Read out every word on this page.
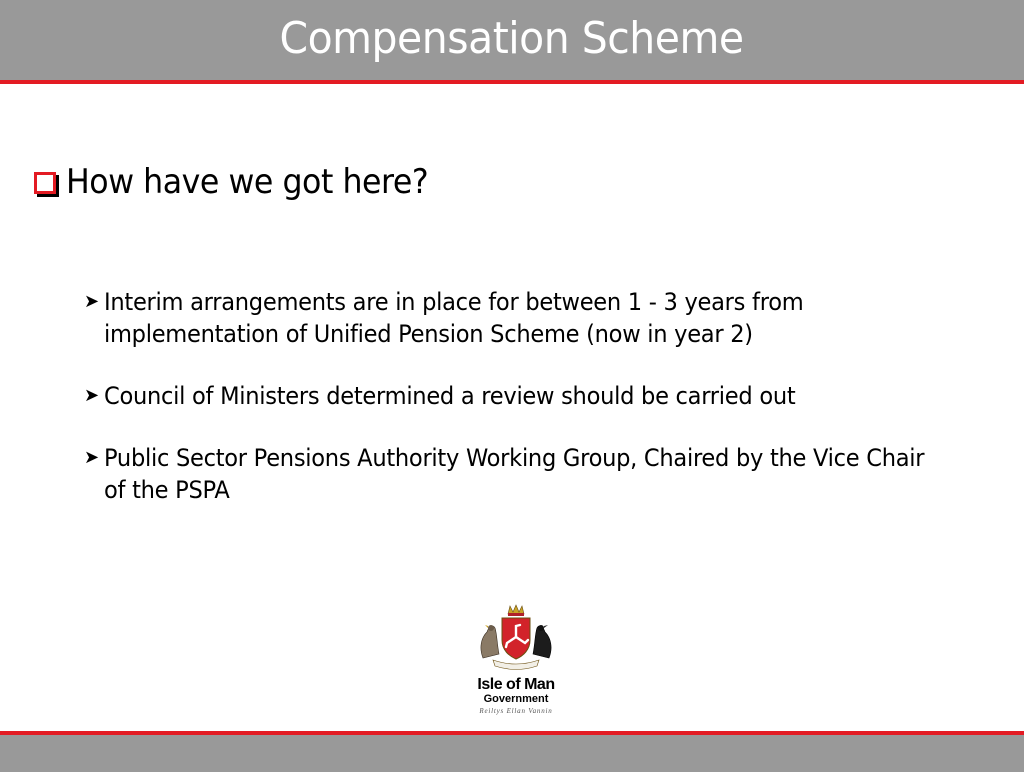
Compensation Scheme
How have we got here?
➤ Interim arrangements are in place for between 1 - 3 years from implementation of Unified Pension Scheme (now in year 2)
➤ Council of Ministers determined a review should be carried out
➤ Public Sector Pensions Authority Working Group, Chaired by the Vice Chair of the PSPA
Isle of Man
Government
Reiltys Ellan Vannin
